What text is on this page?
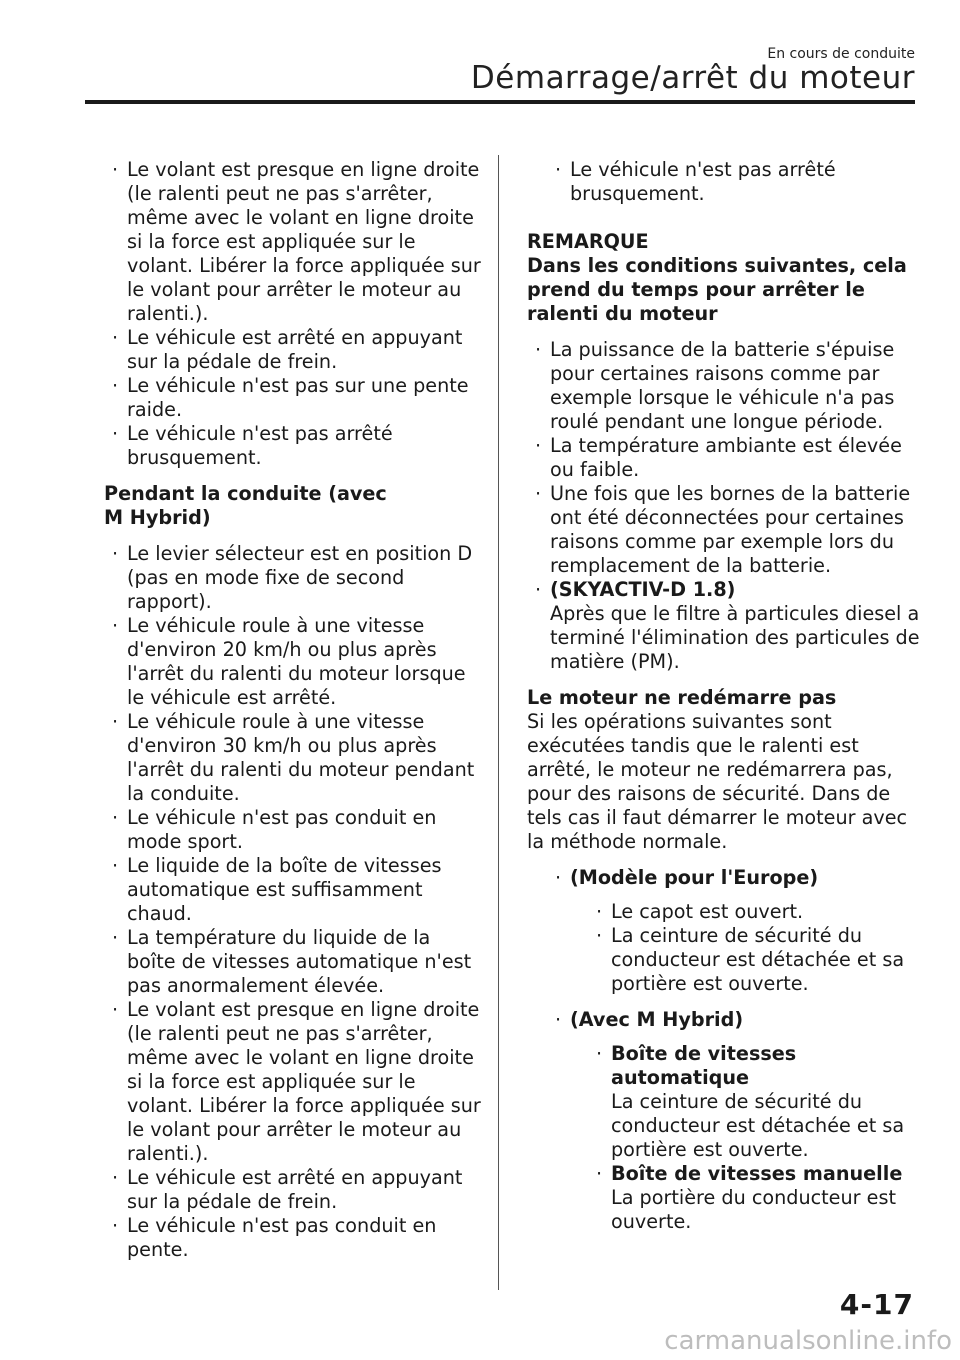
En cours de conduite
Démarrage/arrêt du moteur
· Le volant est presque en ligne droite (le ralenti peut ne pas s'arrêter, même avec le volant en ligne droite si la force est appliquée sur le volant. Libérer la force appliquée sur le volant pour arrêter le moteur au ralenti.).
· Le véhicule est arrêté en appuyant sur la pédale de frein.
· Le véhicule n'est pas sur une pente raide.
· Le véhicule n'est pas arrêté brusquement.

Pendant la conduite (avec M Hybrid)

· Le levier sélecteur est en position D (pas en mode fixe de second rapport).
· Le véhicule roule à une vitesse d'environ 20 km/h ou plus après l'arrêt du ralenti du moteur lorsque le véhicule est arrêté.
· Le véhicule roule à une vitesse d'environ 30 km/h ou plus après l'arrêt du ralenti du moteur pendant la conduite.
· Le véhicule n'est pas conduit en mode sport.
· Le liquide de la boîte de vitesses automatique est suffisamment chaud.
· La température du liquide de la boîte de vitesses automatique n'est pas anormalement élevée.
· Le volant est presque en ligne droite (le ralenti peut ne pas s'arrêter, même avec le volant en ligne droite si la force est appliquée sur le volant. Libérer la force appliquée sur le volant pour arrêter le moteur au ralenti.).
· Le véhicule est arrêté en appuyant sur la pédale de frein.
· Le véhicule n'est pas conduit en pente.
· Le véhicule n'est pas arrêté brusquement.

REMARQUE

Dans les conditions suivantes, cela prend du temps pour arrêter le ralenti du moteur

· La puissance de la batterie s'épuise pour certaines raisons comme par exemple lorsque le véhicule n'a pas roulé pendant une longue période.
· La température ambiante est élevée ou faible.
· Une fois que les bornes de la batterie ont été déconnectées pour certaines raisons comme par exemple lors du remplacement de la batterie.
· (SKYACTIV-D 1.8)
Après que le filtre à particules diesel a terminé l'élimination des particules de matière (PM).

Le moteur ne redémarre pas

Si les opérations suivantes sont exécutées tandis que le ralenti est arrêté, le moteur ne redémarrera pas, pour des raisons de sécurité. Dans de tels cas il faut démarrer le moteur avec la méthode normale.

· (Modèle pour l'Europe)
· Le capot est ouvert.
· La ceinture de sécurité du conducteur est détachée et sa portière est ouverte.
· (Avec M Hybrid)
· Boîte de vitesses automatique
La ceinture de sécurité du conducteur est détachée et sa portière est ouverte.
· Boîte de vitesses manuelle
La portière du conducteur est ouverte.
4-17
carmanualsonline.info
